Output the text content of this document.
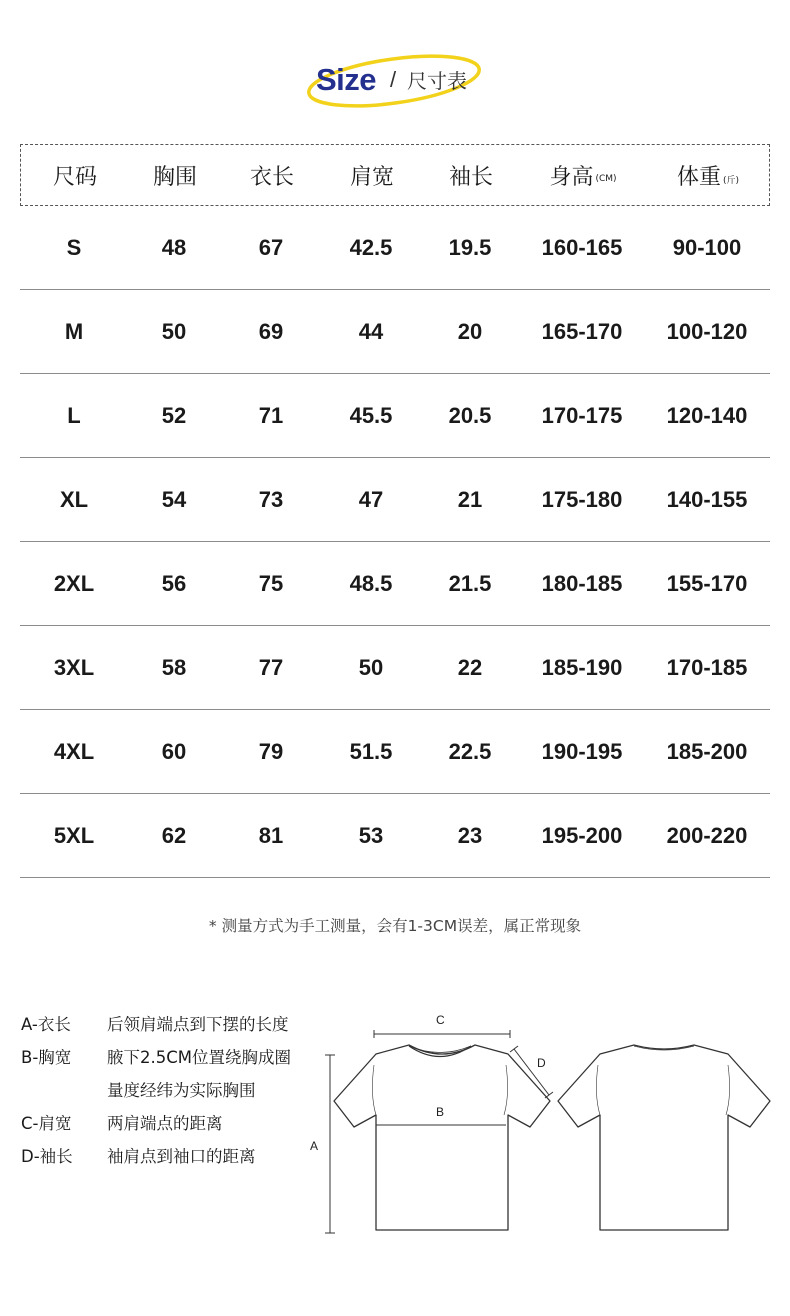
Size / 尺寸表
尺码	胸围 衣长	肩宽 袖长	身高 (CM)	体重 (斤)
S	48	67	42.5	19.5 160-165 90-100
M	50	69	44	20	165-170 100-120
L	52	71	45.5	20.5 170-175 120-140
XL	54	73	47	21	175-180 140-155
2XL	56	75	48.5	21.5 180-185 155-170
3XL	58	77	50	22	185-190 170-185
4XL	60	79	51.5	22.5 190-195 185-200
5XL	62	81	53	23	195-200 200-220
* 测量方式为手工测量，会有1-3CM误差，属正常现象
A-衣长 后领肩端点到下摆的长度
B-胸宽 腋下2.5CM位置绕胸成圈量度经纬为实际胸围
C-肩宽 两肩端点的距离
D-袖长 袖肩点到袖口的距离
A
C
D
B
